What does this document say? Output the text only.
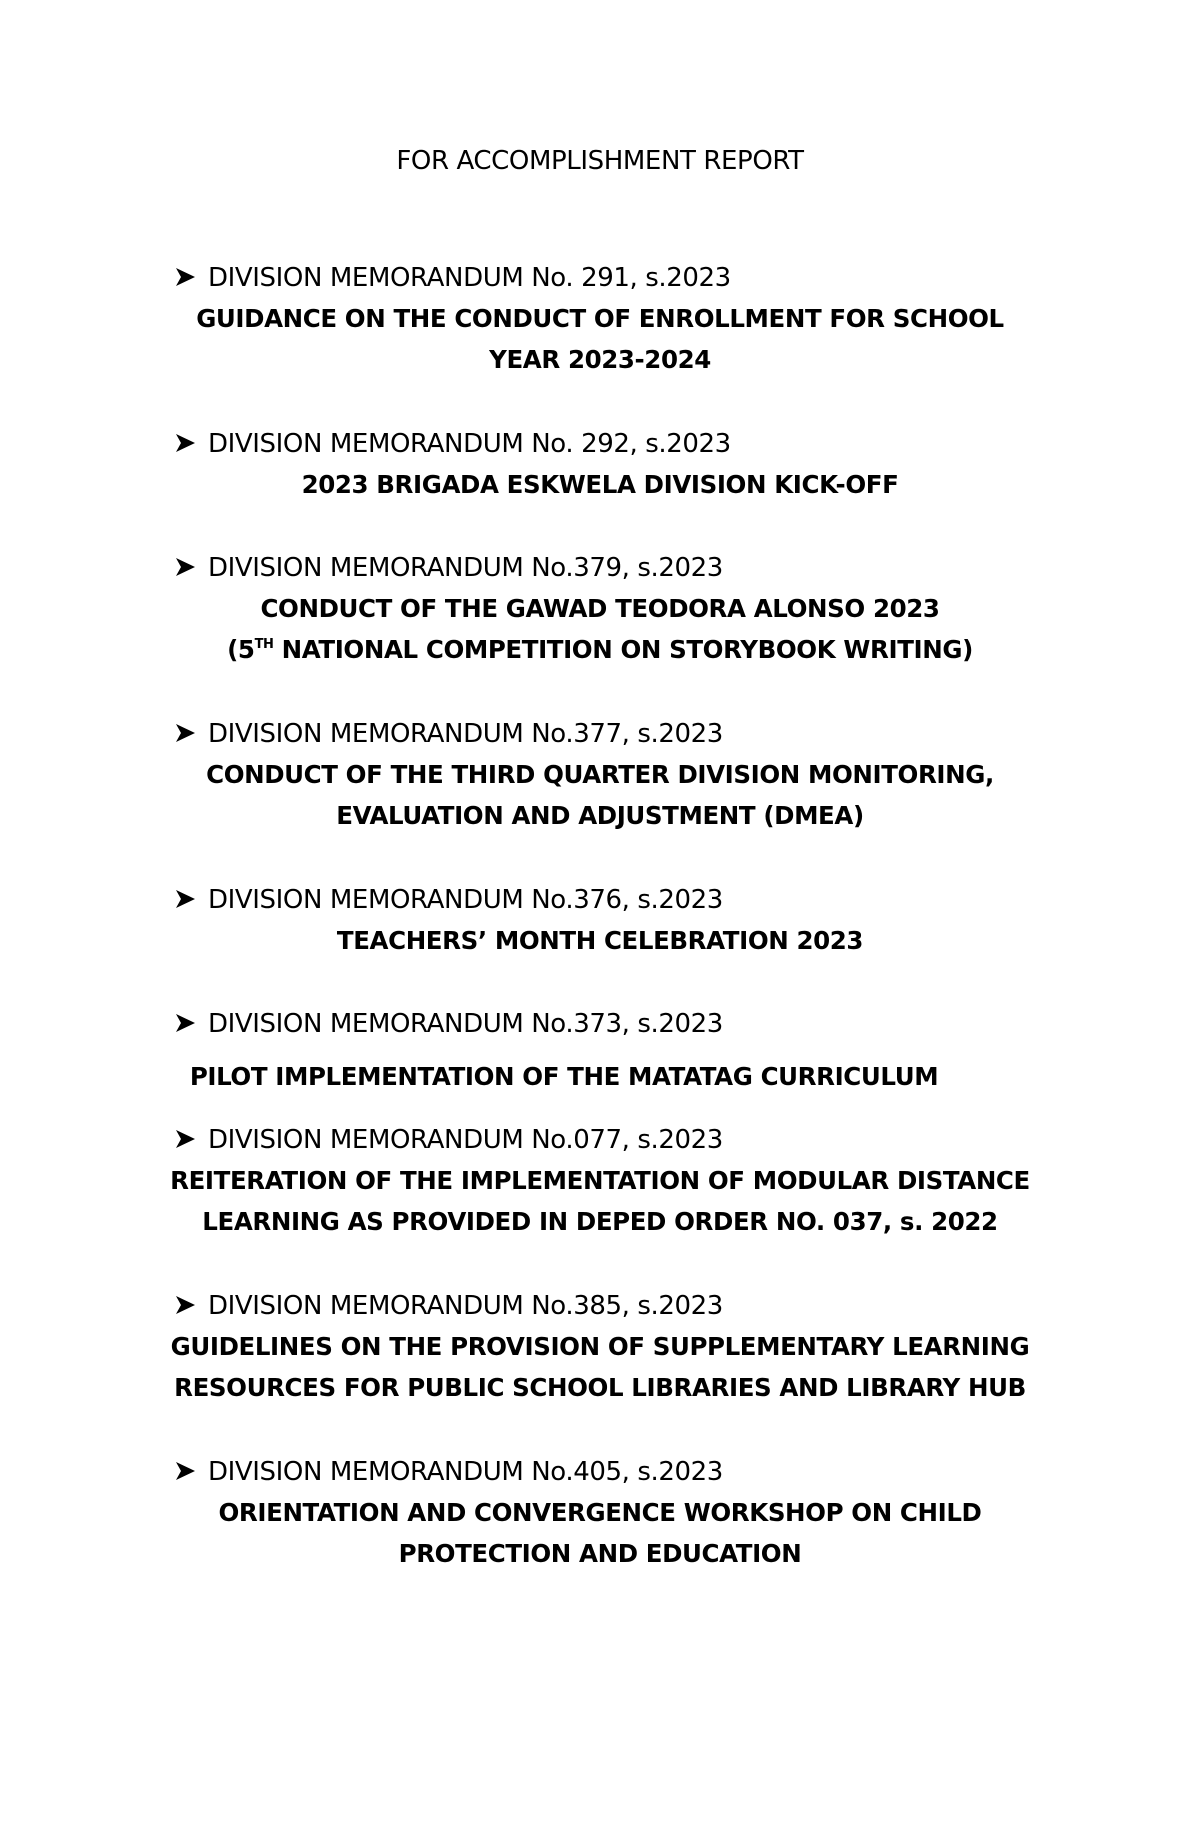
FOR ACCOMPLISHMENT REPORT
DIVISION MEMORANDUM No. 291, s.2023
GUIDANCE ON THE CONDUCT OF ENROLLMENT FOR SCHOOL
YEAR 2023-2024
DIVISION MEMORANDUM No. 292, s.2023
2023 BRIGADA ESKWELA DIVISION KICK-OFF
DIVISION MEMORANDUM No.379, s.2023
CONDUCT OF THE GAWAD TEODORA ALONSO 2023
(5TH NATIONAL COMPETITION ON STORYBOOK WRITING)
DIVISION MEMORANDUM No.377, s.2023
CONDUCT OF THE THIRD QUARTER DIVISION MONITORING,
EVALUATION AND ADJUSTMENT (DMEA)
DIVISION MEMORANDUM No.376, s.2023
TEACHERS’ MONTH CELEBRATION 2023
DIVISION MEMORANDUM No.373, s.2023
PILOT IMPLEMENTATION OF THE MATATAG CURRICULUM
DIVISION MEMORANDUM No.077, s.2023
REITERATION OF THE IMPLEMENTATION OF MODULAR DISTANCE
LEARNING AS PROVIDED IN DEPED ORDER NO. 037, s. 2022
DIVISION MEMORANDUM No.385, s.2023
GUIDELINES ON THE PROVISION OF SUPPLEMENTARY LEARNING
RESOURCES FOR PUBLIC SCHOOL LIBRARIES AND LIBRARY HUB
DIVISION MEMORANDUM No.405, s.2023
ORIENTATION AND CONVERGENCE WORKSHOP ON CHILD
PROTECTION AND EDUCATION
